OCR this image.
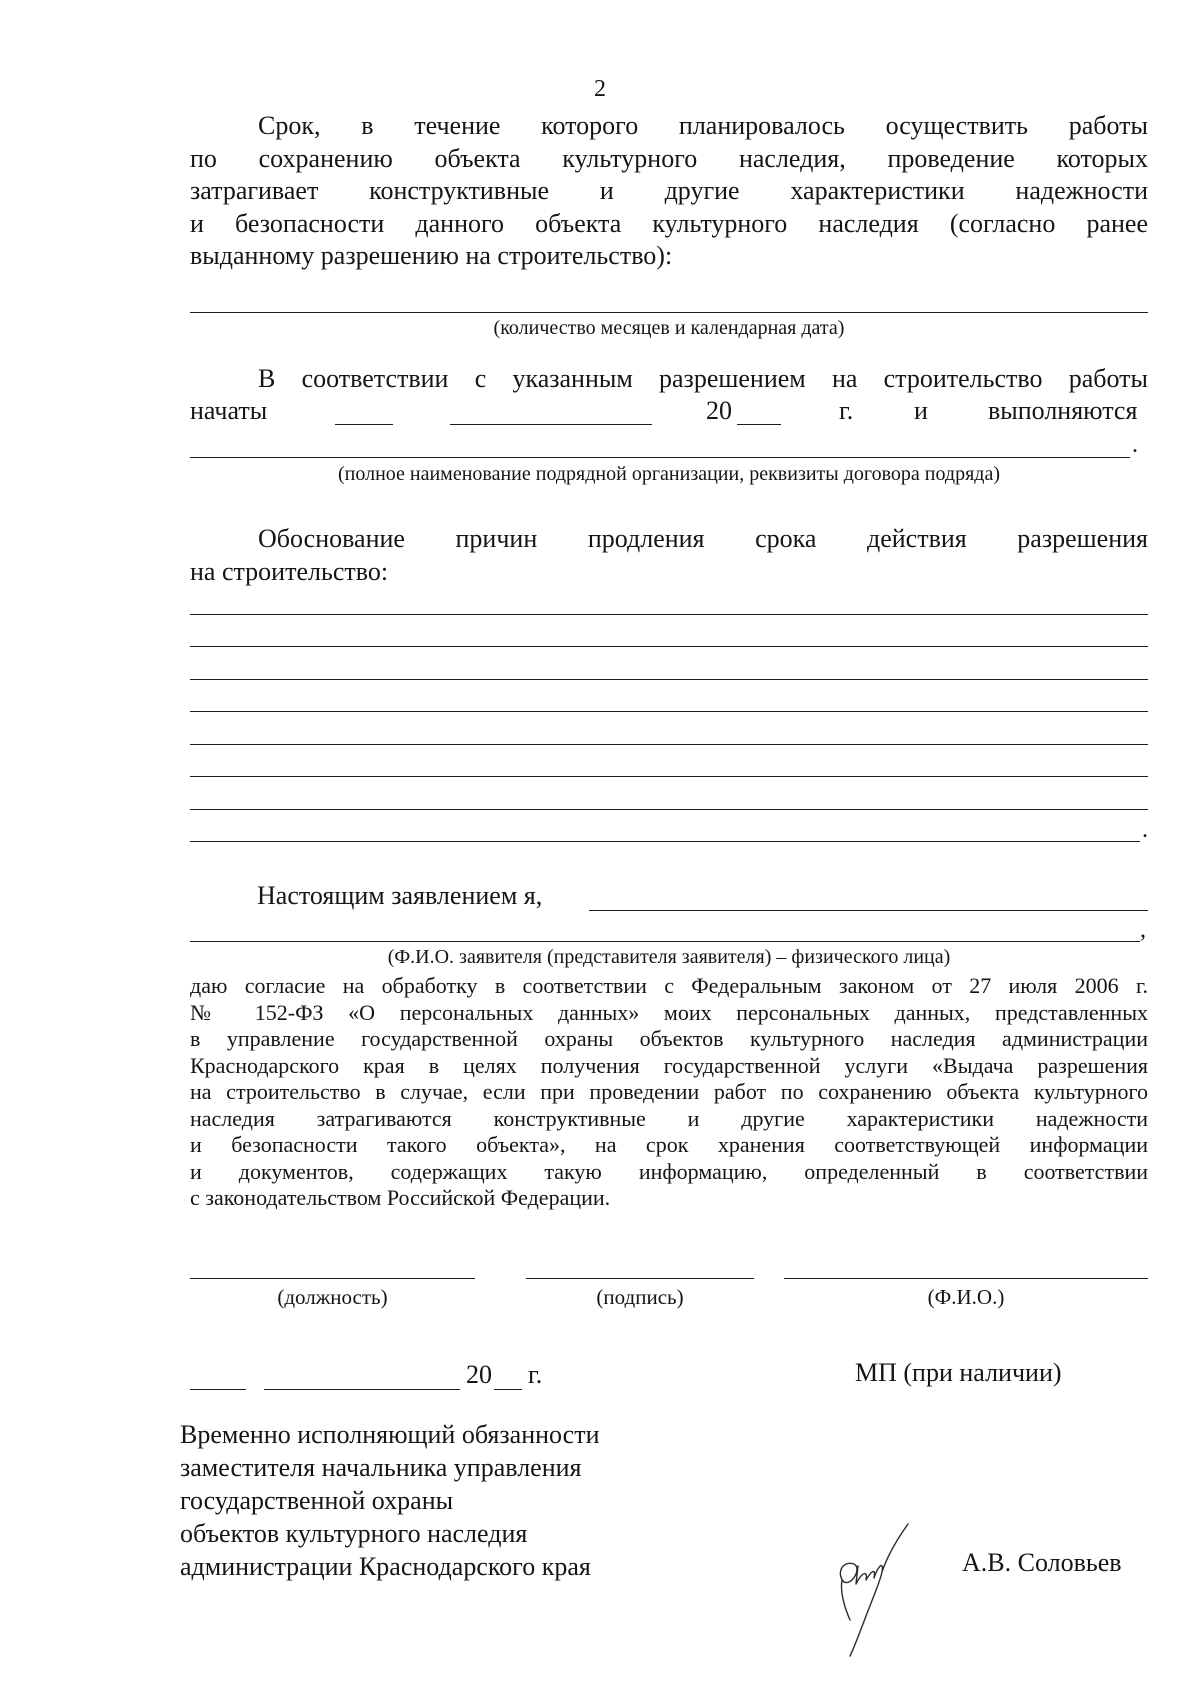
2
Срок, в течение которого планировалось осуществить работы
по сохранению объекта культурного наследия, проведение которых
затрагивает конструктивные и другие характеристики надежности
и безопасности данного объекта культурного наследия (согласно ранее
выданному разрешению на строительство):
(количество месяцев и календарная дата)
В соответствии с указанным разрешением на строительство работы
начаты	20	г. и выполняются
.
(полное наименование подрядной организации, реквизиты договора подряда)
Обоснование причин продления срока действия разрешения
на строительство:
.
Настоящим заявлением я,
,
(Ф.И.О. заявителя (представителя заявителя) – физического лица)
даю согласие на обработку в соответствии с Федеральным законом от 27 июля 2006 г.
№ 152-ФЗ «О персональных данных» моих персональных данных, представленных
в управление государственной охраны объектов культурного наследия администрации
Краснодарского края в целях получения государственной услуги «Выдача разрешения
на строительство в случае, если при проведении работ по сохранению объекта культурного
наследия затрагиваются конструктивные и другие характеристики надежности
и безопасности такого объекта», на срок хранения соответствующей информации
и документов, содержащих такую информацию, определенный в соответствии
с законодательством Российской Федерации.
(должность)	(подпись)	(Ф.И.О.)
20 г.	МП (при наличии)
Временно исполняющий обязанности
заместителя начальника управления
государственной охраны
объектов культурного наследия
администрации Краснодарского края	А.В. Соловьев
